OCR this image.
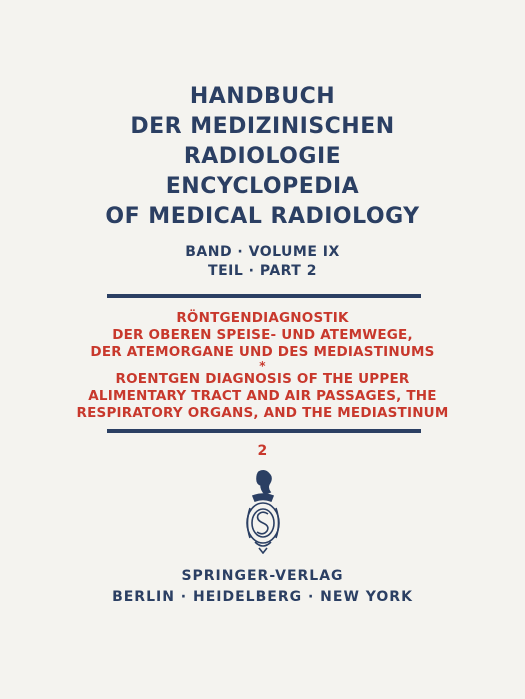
HANDBUCH
DER MEDIZINISCHEN
RADIOLOGIE
ENCYCLOPEDIA
OF MEDICAL RADIOLOGY
BAND · VOLUME IX
TEIL · PART 2
RÖNTGENDIAGNOSTIK
DER OBEREN SPEISE- UND ATEMWEGE,
DER ATEMORGANE UND DES MEDIASTINUMS
*
ROENTGEN DIAGNOSIS OF THE UPPER
ALIMENTARY TRACT AND AIR PASSAGES, THE
RESPIRATORY ORGANS, AND THE MEDIASTINUM
2
SPRINGER-VERLAG
BERLIN · HEIDELBERG · NEW YORK
